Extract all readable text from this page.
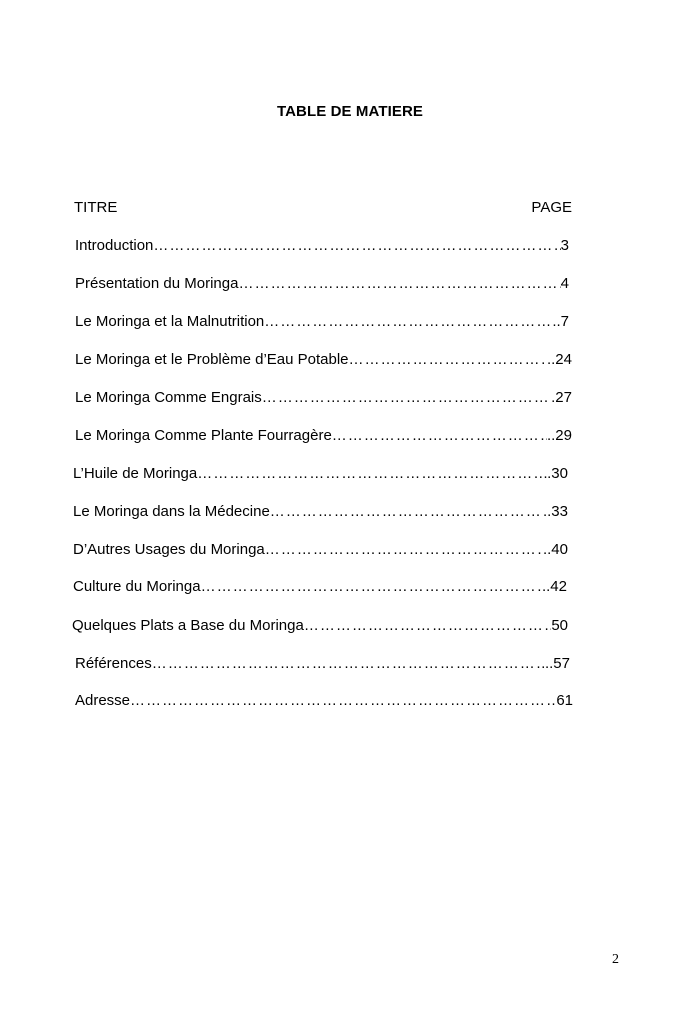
TABLE DE MATIERE
TITRE	PAGE
Introduction ……………………………………………………………………………………………………………………………………	3
Présentation du Moringa ……………………………………………………………………………………………………………………………………	4
Le Moringa et la Malnutrition ……………………………………………………………………………………………………………………………………	..7
Le Moringa et le Problème d’Eau Potable ……………………………………………………………………………………………………………………………………	..24
Le Moringa Comme Engrais ……………………………………………………………………………………………………………………………………	.27
Le Moringa Comme Plante Fourragère ……………………………………………………………………………………………………………………………………	..29
L’Huile de Moringa ……………………………………………………………………………………………………………………………………	.30
Le Moringa dans la Médecine ……………………………………………………………………………………………………………………………………	..33
D’Autres Usages du Moringa ……………………………………………………………………………………………………………………………………	..40
Culture du Moringa ……………………………………………………………………………………………………………………………………	..42
Quelques Plats a Base du Moringa ……………………………………………………………………………………………………………………………………	50
Références ……………………………………………………………………………………………………………………………………	..57
Adresse ……………………………………………………………………………………………………………………………………	61
2
